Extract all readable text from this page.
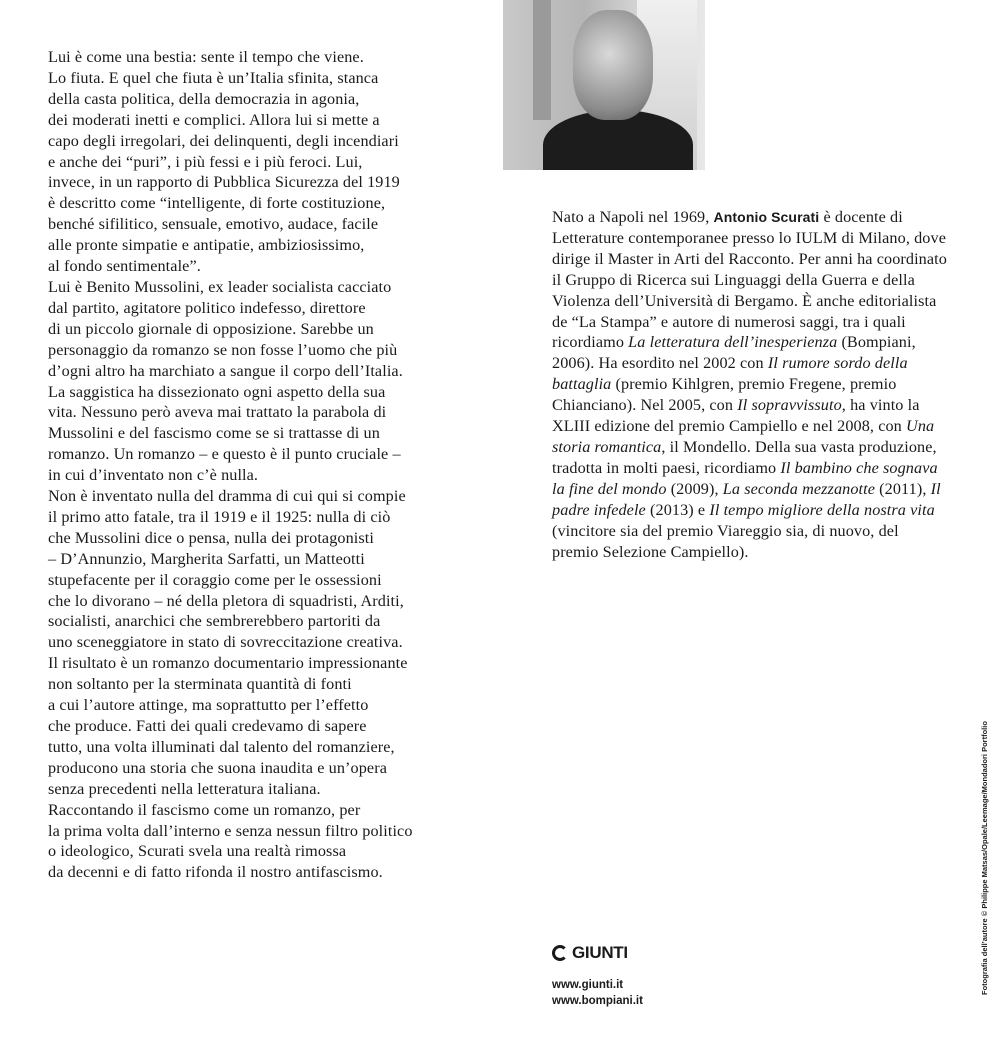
Lui è come una bestia: sente il tempo che viene.

Lo fiuta. E quel che fiuta è un’Italia sfinita, stanca

della casta politica, della democrazia in agonia,

dei moderati inetti e complici. Allora lui si mette a

capo degli irregolari, dei delinquenti, degli incendiari

e anche dei “puri”, i più fessi e i più feroci. Lui,

invece, in un rapporto di Pubblica Sicurezza del 1919

è descritto come “intelligente, di forte costituzione,

benché sifilitico, sensuale, emotivo, audace, facile

alle pronte simpatie e antipatie, ambiziosissimo,

al fondo sentimentale”.

Lui è Benito Mussolini, ex leader socialista cacciato

dal partito, agitatore politico indefesso, direttore

di un piccolo giornale di opposizione. Sarebbe un

personaggio da romanzo se non fosse l’uomo che più

d’ogni altro ha marchiato a sangue il corpo dell’Italia.

La saggistica ha dissezionato ogni aspetto della sua

vita. Nessuno però aveva mai trattato la parabola di

Mussolini e del fascismo come se si trattasse di un

romanzo. Un romanzo – e questo è il punto cruciale –

in cui d’inventato non c’è nulla.

Non è inventato nulla del dramma di cui qui si compie

il primo atto fatale, tra il 1919 e il 1925: nulla di ciò

che Mussolini dice o pensa, nulla dei protagonisti

– D’Annunzio, Margherita Sarfatti, un Matteotti

stupefacente per il coraggio come per le ossessioni

che lo divorano – né della pletora di squadristi, Arditi,

socialisti, anarchici che sembrerebbero partoriti da

uno sceneggiatore in stato di sovreccitazione creativa.

Il risultato è un romanzo documentario impressionante

non soltanto per la sterminata quantità di fonti

a cui l’autore attinge, ma soprattutto per l’effetto

che produce. Fatti dei quali credevamo di sapere

tutto, una volta illuminati dal talento del romanziere,

producono una storia che suona inaudita e un’opera

senza precedenti nella letteratura italiana.

Raccontando il fascismo come un romanzo, per

la prima volta dall’interno e senza nessun filtro politico

o ideologico, Scurati svela una realtà rimossa

da decenni e di fatto rifonda il nostro antifascismo.

Nato a Napoli nel 1969, Antonio Scurati è docente di Letterature contemporanee presso lo IULM di Milano, dove dirige il Master in Arti del Racconto. Per anni ha coordinato il Gruppo di Ricerca sui Linguaggi della Guerra e della Violenza dell’Università di Bergamo. È anche editorialista de “La Stampa” e autore di numerosi saggi, tra i quali ricordiamo La letteratura dell’inesperienza (Bompiani, 2006). Ha esordito nel 2002 con Il rumore sordo della battaglia (premio Kihlgren, premio Fregene, premio Chianciano). Nel 2005, con Il sopravvissuto, ha vinto la XLIII edizione del premio Campiello e nel 2008, con Una storia romantica, il Mondello. Della sua vasta produzione, tradotta in molti paesi, ricordiamo Il bambino che sognava la fine del mondo (2009), La seconda mezzanotte (2011), Il padre infedele (2013) e Il tempo migliore della nostra vita (vincitore sia del premio Viareggio sia, di nuovo, del premio Selezione Campiello).

GIUNTI
www.giunti.it
www.bompiani.it
Fotografia dell’autore © Philippe Matsas/Opale/Leemage/Mondadori Portfolio
